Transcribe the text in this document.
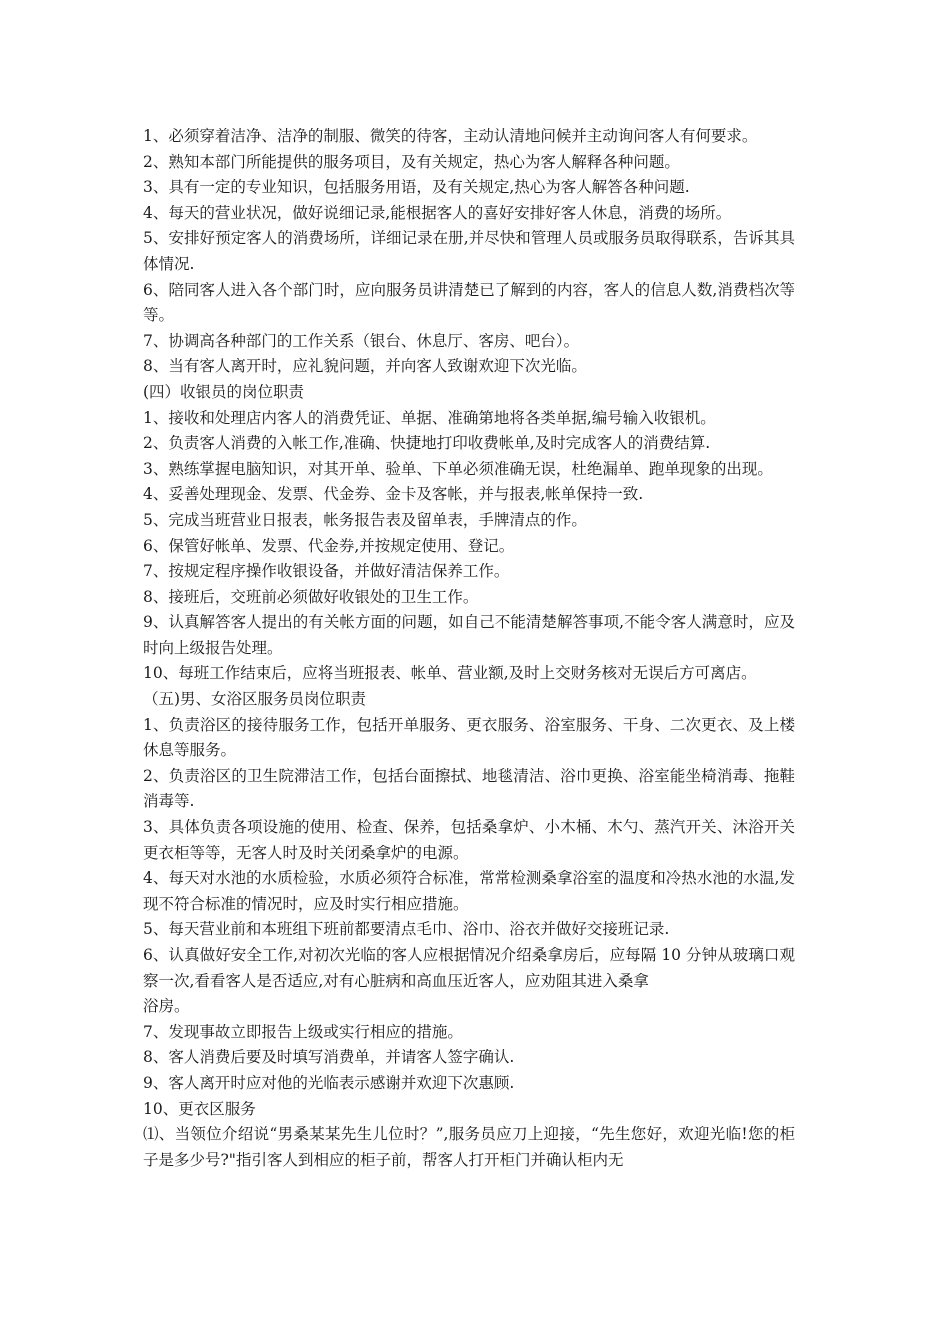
1、必须穿着洁净、洁净的制服、微笑的待客，主动认清地问候并主动询问客人有何要求。

2、熟知本部门所能提供的服务项目，及有关规定，热心为客人解释各种问题。

3、具有一定的专业知识，包括服务用语，及有关规定,热心为客人解答各种问题.

4、每天的营业状况，做好说细记录,能根据客人的喜好安排好客人休息，消费的场所。

5、安排好预定客人的消费场所，详细记录在册,并尽快和管理人员或服务员取得联系，告诉其具体情况.

6、陪同客人进入各个部门时，应向服务员讲清楚已了解到的内容，客人的信息人数,消费档次等等。

7、协调高各种部门的工作关系（银台、休息厅、客房、吧台）。

8、当有客人离开时，应礼貌问题，并向客人致谢欢迎下次光临。

(四）收银员的岗位职责

1、接收和处理店内客人的消费凭证、单据、准确第地将各类单据,编号输入收银机。

2、负责客人消费的入帐工作,准确、快捷地打印收费帐单,及时完成客人的消费结算.

3、熟练掌握电脑知识，对其开单、验单、下单必须准确无误，杜绝漏单、跑单现象的出现。

4、妥善处理现金、发票、代金券、金卡及客帐，并与报表,帐单保持一致.

5、完成当班营业日报表，帐务报告表及留单表，手牌清点的作。

6、保管好帐单、发票、代金券,并按规定使用、登记。

7、按规定程序操作收银设备，并做好清洁保养工作。

8、接班后，交班前必须做好收银处的卫生工作。

9、认真解答客人提出的有关帐方面的问题，如自己不能清楚解答事项,不能令客人满意时，应及时向上级报告处理。

10、每班工作结束后，应将当班报表、帐单、营业额,及时上交财务核对无误后方可离店。

（五)男、女浴区服务员岗位职责

1、负责浴区的接待服务工作，包括开单服务、更衣服务、浴室服务、干身、二次更衣、及上楼休息等服务。

2、负责浴区的卫生院滞洁工作，包括台面擦拭、地毯清洁、浴巾更换、浴室能坐椅消毒、拖鞋消毒等.

3、具体负责各项设施的使用、检查、保养，包括桑拿炉、小木桶、木勺、蒸汽开关、沐浴开关更衣柜等等，无客人时及时关闭桑拿炉的电源。

4、每天对水池的水质检验，水质必须符合标准，常常检测桑拿浴室的温度和冷热水池的水温,发现不符合标准的情况时，应及时实行相应措施。

5、每天营业前和本班组下班前都要清点毛巾、浴巾、浴衣并做好交接班记录.

6、认真做好安全工作,对初次光临的客人应根据情况介绍桑拿房后，应每隔 10 分钟从玻璃口观察一次,看看客人是否适应,对有心脏病和高血压近客人，应劝阻其进入桑拿

浴房。

7、发现事故立即报告上级或实行相应的措施。

8、客人消费后要及时填写消费单，并请客人签字确认.

9、客人离开时应对他的光临表示感谢并欢迎下次惠顾.

10、更衣区服务

⑴、当领位介绍说“男桑某某先生儿位时？”,服务员应刀上迎接，“先生您好，欢迎光临!您的柜子是多少号?"指引客人到相应的柜子前，帮客人打开柜门并确认柜内无
